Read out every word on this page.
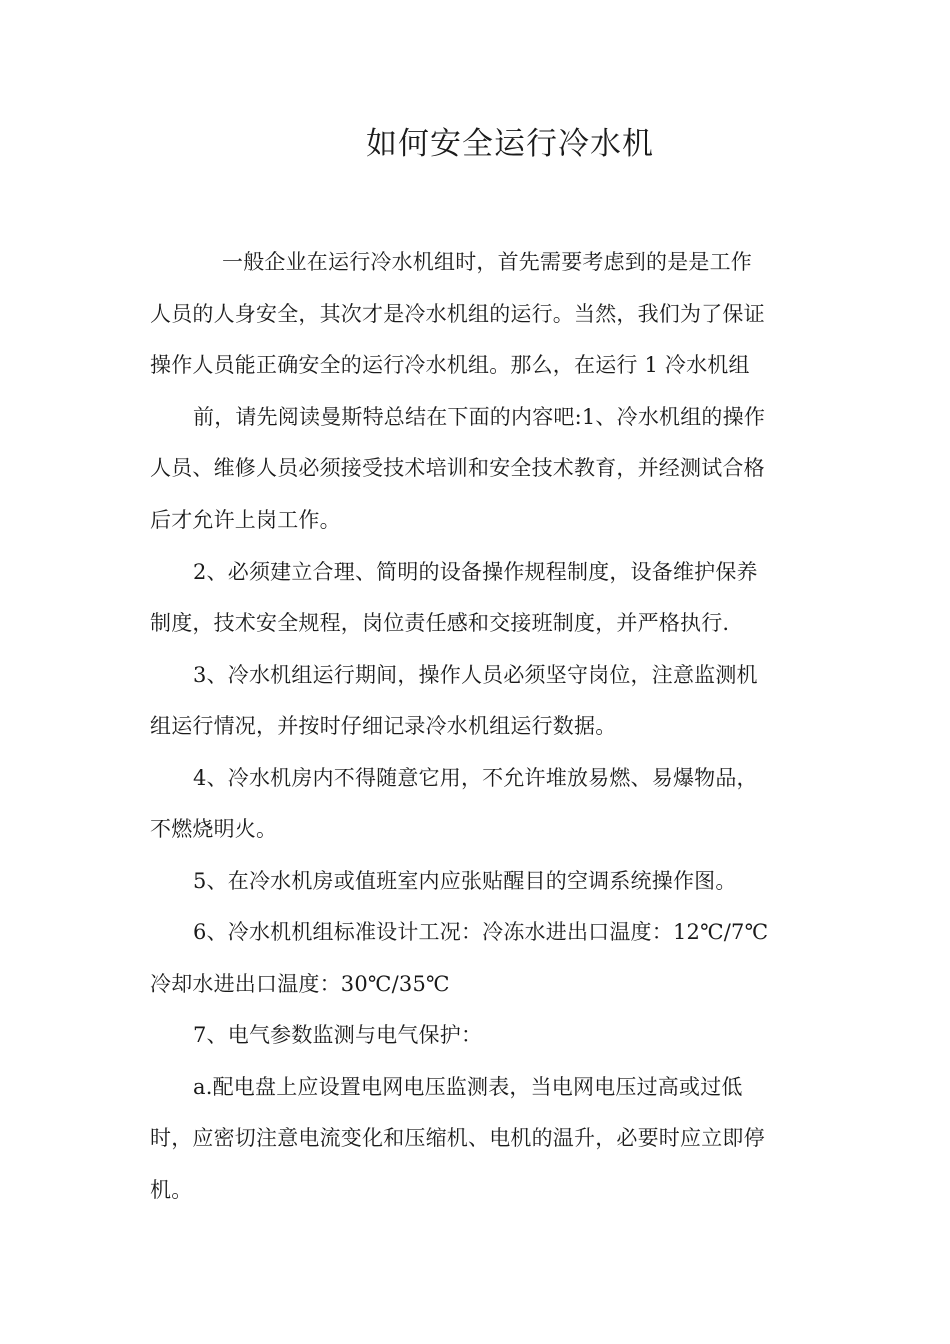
如何安全运行冷水机
一般企业在运行冷水机组时，首先需要考虑到的是是工作
人员的人身安全，其次才是冷水机组的运行。当然，我们为了保证
操作人员能正确安全的运行冷水机组。那么，在运行 1 冷水机组
前，请先阅读曼斯特总结在下面的内容吧:1、冷水机组的操作
人员、维修人员必须接受技术培训和安全技术教育，并经测试合格
后才允许上岗工作。
2、必须建立合理、简明的设备操作规程制度，设备维护保养
制度，技术安全规程，岗位责任感和交接班制度，并严格执行.
3、冷水机组运行期间，操作人员必须坚守岗位，注意监测机
组运行情况，并按时仔细记录冷水机组运行数据。
4、冷水机房内不得随意它用，不允许堆放易燃、易爆物品，
不燃烧明火。
5、在冷水机房或值班室内应张贴醒目的空调系统操作图。
6、冷水机机组标准设计工况：冷冻水进出口温度：12℃/7℃
冷却水进出口温度：30℃/35℃
7、电气参数监测与电气保护：
a.配电盘上应设置电网电压监测表，当电网电压过高或过低
时，应密切注意电流变化和压缩机、电机的温升，必要时应立即停
机。
